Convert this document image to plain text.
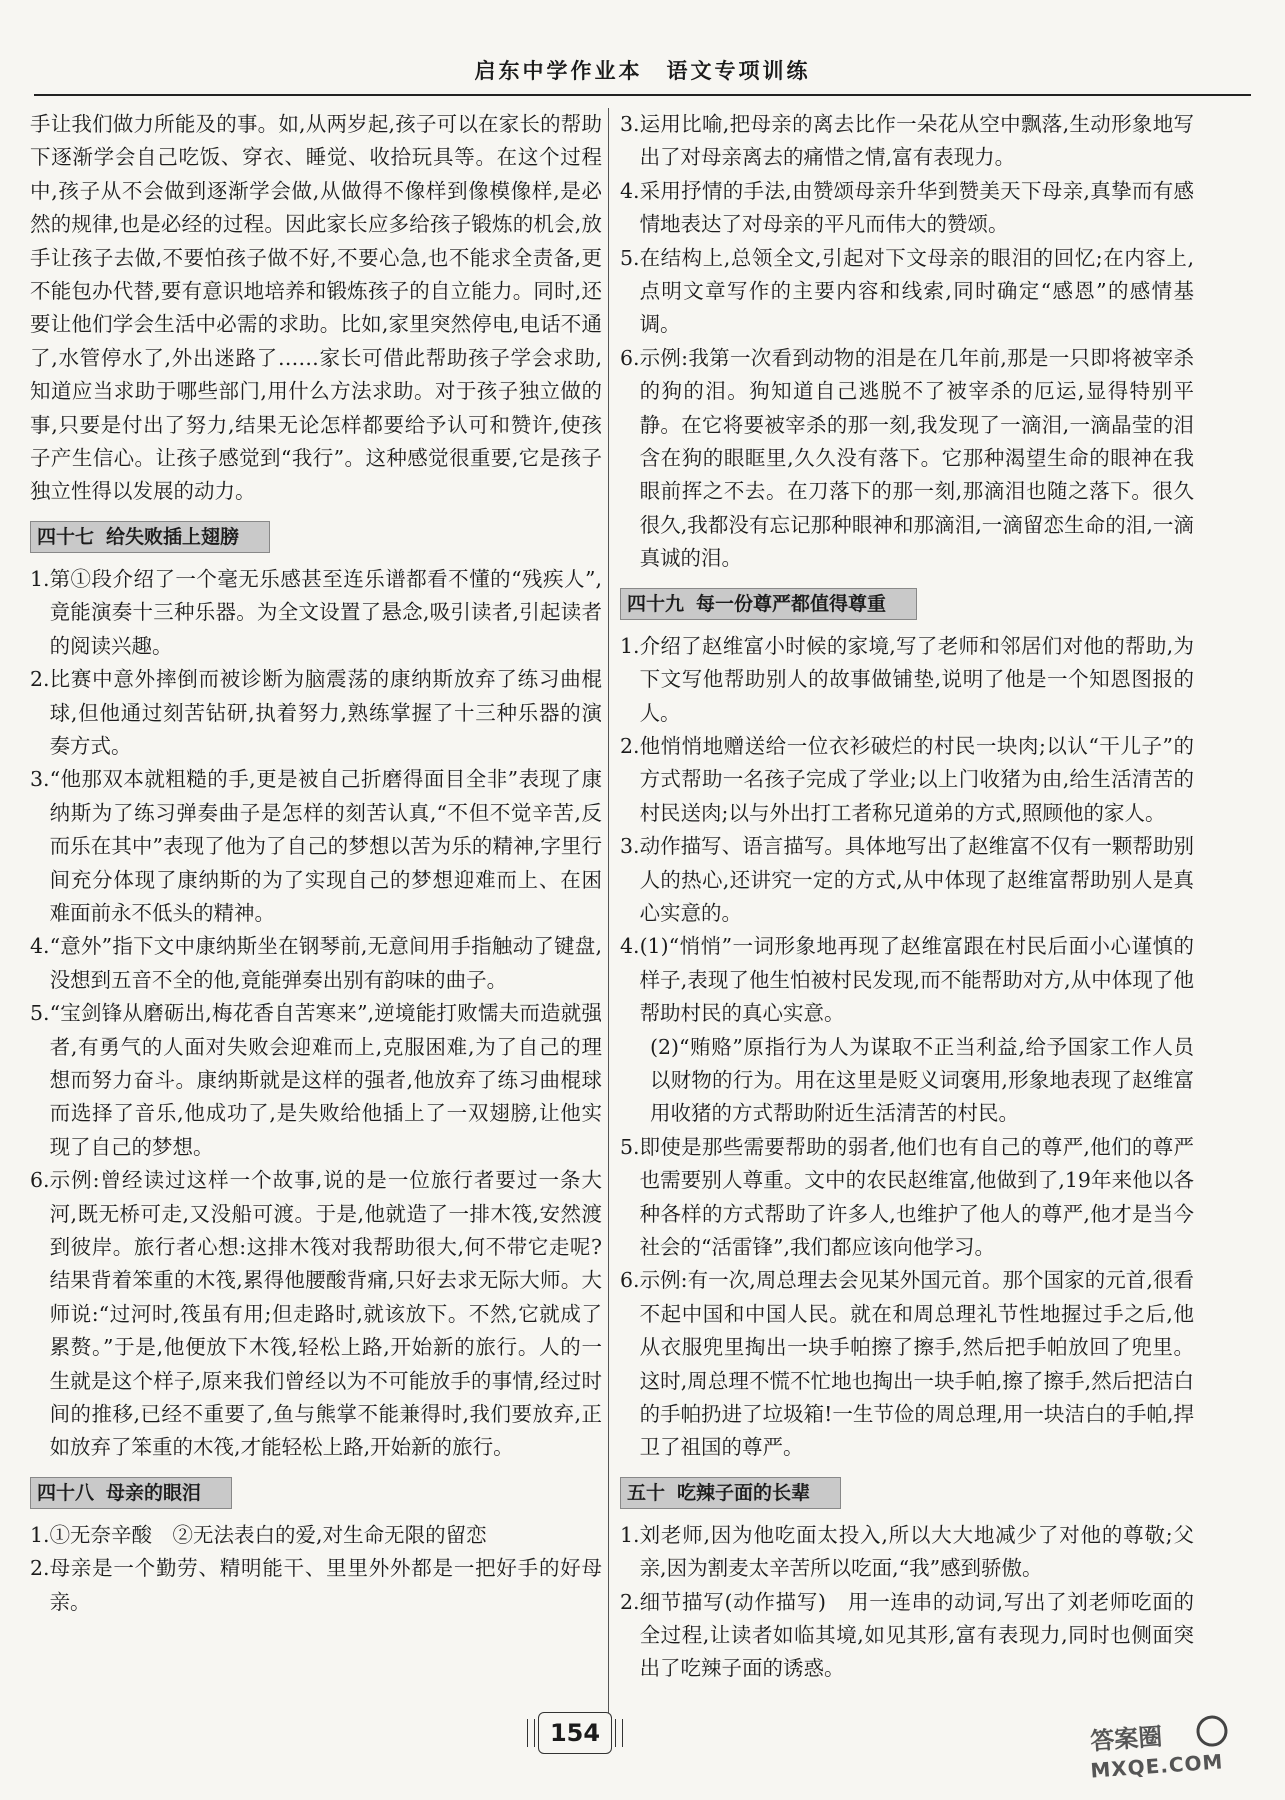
启东中学作业本　语文专项训练

手让我们做力所能及的事。如,从两岁起,孩子可以在家长的帮助下逐渐学会自己吃饭、穿衣、睡觉、收拾玩具等。在这个过程中,孩子从不会做到逐渐学会做,从做得不像样到像模像样,是必然的规律,也是必经的过程。因此家长应多给孩子锻炼的机会,放手让孩子去做,不要怕孩子做不好,不要心急,也不能求全责备,更不能包办代替,要有意识地培养和锻炼孩子的自立能力。同时,还要让他们学会生活中必需的求助。比如,家里突然停电,电话不通了,水管停水了,外出迷路了……家长可借此帮助孩子学会求助,知道应当求助于哪些部门,用什么方法求助。对于孩子独立做的事,只要是付出了努力,结果无论怎样都要给予认可和赞许,使孩子产生信心。让孩子感觉到“我行”。这种感觉很重要,它是孩子独立性得以发展的动力。

四十七 给失败插上翅膀
1. 第①段介绍了一个毫无乐感甚至连乐谱都看不懂的“残疾人”,竟能演奏十三种乐器。为全文设置了悬念,吸引读者,引起读者的阅读兴趣。
2. 比赛中意外摔倒而被诊断为脑震荡的康纳斯放弃了练习曲棍球,但他通过刻苦钻研,执着努力,熟练掌握了十三种乐器的演奏方式。
3. “他那双本就粗糙的手,更是被自己折磨得面目全非”表现了康纳斯为了练习弹奏曲子是怎样的刻苦认真,“不但不觉辛苦,反而乐在其中”表现了他为了自己的梦想以苦为乐的精神,字里行间充分体现了康纳斯的为了实现自己的梦想迎难而上、在困难面前永不低头的精神。
4. “意外”指下文中康纳斯坐在钢琴前,无意间用手指触动了键盘,没想到五音不全的他,竟能弹奏出别有韵味的曲子。
5. “宝剑锋从磨砺出,梅花香自苦寒来”,逆境能打败懦夫而造就强者,有勇气的人面对失败会迎难而上,克服困难,为了自己的理想而努力奋斗。康纳斯就是这样的强者,他放弃了练习曲棍球而选择了音乐,他成功了,是失败给他插上了一双翅膀,让他实现了自己的梦想。
6. 示例:曾经读过这样一个故事,说的是一位旅行者要过一条大河,既无桥可走,又没船可渡。于是,他就造了一排木筏,安然渡到彼岸。旅行者心想:这排木筏对我帮助很大,何不带它走呢?结果背着笨重的木筏,累得他腰酸背痛,只好去求无际大师。大师说:“过河时,筏虽有用;但走路时,就该放下。不然,它就成了累赘。”于是,他便放下木筏,轻松上路,开始新的旅行。人的一生就是这个样子,原来我们曾经以为不可能放手的事情,经过时间的推移,已经不重要了,鱼与熊掌不能兼得时,我们要放弃,正如放弃了笨重的木筏,才能轻松上路,开始新的旅行。
四十八 母亲的眼泪
1. ①无奈辛酸　②无法表白的爱,对生命无限的留恋
2. 母亲是一个勤劳、精明能干、里里外外都是一把好手的好母亲。
3. 运用比喻,把母亲的离去比作一朵花从空中飘落,生动形象地写出了对母亲离去的痛惜之情,富有表现力。
4. 采用抒情的手法,由赞颂母亲升华到赞美天下母亲,真挚而有感情地表达了对母亲的平凡而伟大的赞颂。
5. 在结构上,总领全文,引起对下文母亲的眼泪的回忆;在内容上,点明文章写作的主要内容和线索,同时确定“感恩”的感情基调。
6. 示例:我第一次看到动物的泪是在几年前,那是一只即将被宰杀的狗的泪。狗知道自己逃脱不了被宰杀的厄运,显得特别平静。在它将要被宰杀的那一刻,我发现了一滴泪,一滴晶莹的泪含在狗的眼眶里,久久没有落下。它那种渴望生命的眼神在我眼前挥之不去。在刀落下的那一刻,那滴泪也随之落下。很久很久,我都没有忘记那种眼神和那滴泪,一滴留恋生命的泪,一滴真诚的泪。
四十九 每一份尊严都值得尊重
1. 介绍了赵维富小时候的家境,写了老师和邻居们对他的帮助,为下文写他帮助别人的故事做铺垫,说明了他是一个知恩图报的人。
2. 他悄悄地赠送给一位衣衫破烂的村民一块肉;以认“干儿子”的方式帮助一名孩子完成了学业;以上门收猪为由,给生活清苦的村民送肉;以与外出打工者称兄道弟的方式,照顾他的家人。
3. 动作描写、语言描写。具体地写出了赵维富不仅有一颗帮助别人的热心,还讲究一定的方式,从中体现了赵维富帮助别人是真心实意的。
4. (1)“悄悄”一词形象地再现了赵维富跟在村民后面小心谨慎的样子,表现了他生怕被村民发现,而不能帮助对方,从中体现了他帮助村民的真心实意。
(2)“贿赂”原指行为人为谋取不正当利益,给予国家工作人员以财物的行为。用在这里是贬义词褒用,形象地表现了赵维富用收猪的方式帮助附近生活清苦的村民。
5. 即使是那些需要帮助的弱者,他们也有自己的尊严,他们的尊严也需要别人尊重。文中的农民赵维富,他做到了,19年来他以各种各样的方式帮助了许多人,也维护了他人的尊严,他才是当今社会的“活雷锋”,我们都应该向他学习。
6. 示例:有一次,周总理去会见某外国元首。那个国家的元首,很看不起中国和中国人民。就在和周总理礼节性地握过手之后,他从衣服兜里掏出一块手帕擦了擦手,然后把手帕放回了兜里。这时,周总理不慌不忙地也掏出一块手帕,擦了擦手,然后把洁白的手帕扔进了垃圾箱!一生节俭的周总理,用一块洁白的手帕,捍卫了祖国的尊严。
五十 吃辣子面的长辈
1. 刘老师,因为他吃面太投入,所以大大地减少了对他的尊敬;父亲,因为割麦太辛苦所以吃面,“我”感到骄傲。
2. 细节描写(动作描写)　用一连串的动词,写出了刘老师吃面的全过程,让读者如临其境,如见其形,富有表现力,同时也侧面突出了吃辣子面的诱惑。
154	答案圈
MXQE.COM
